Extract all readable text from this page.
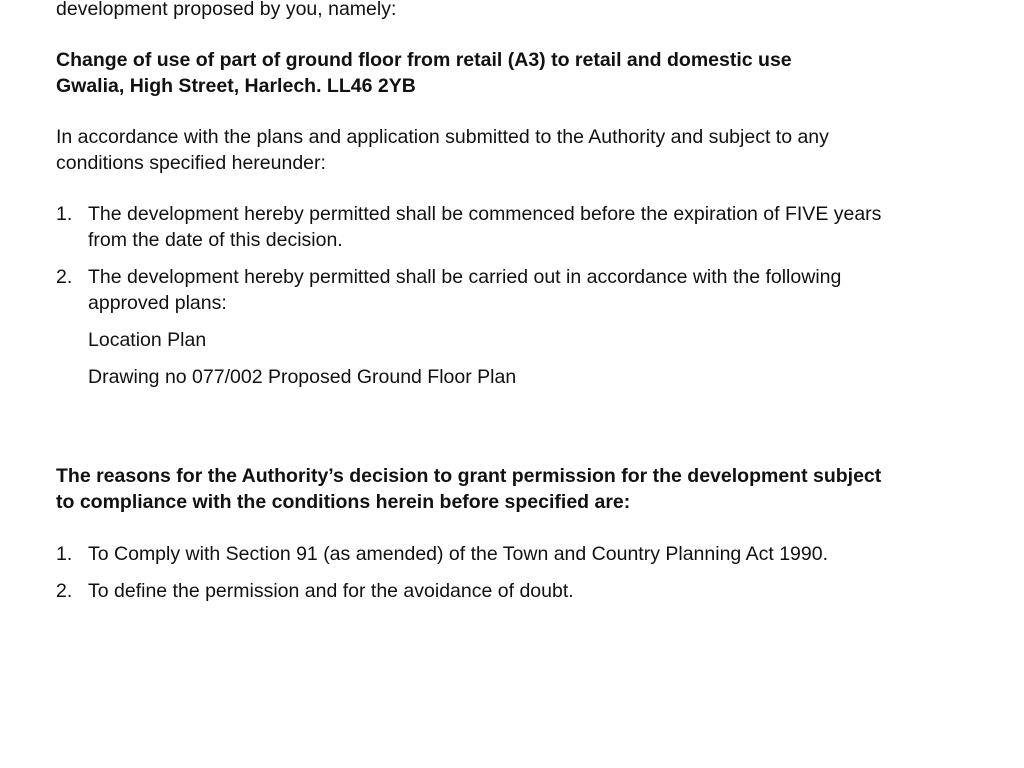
development proposed by you, namely:
Change of use of part of ground floor from retail (A3) to retail and domestic use
Gwalia, High Street, Harlech. LL46 2YB
In accordance with the plans and application submitted to the Authority and subject to any
conditions specified hereunder:
1. The development hereby permitted shall be commenced before the expiration of FIVE years
from the date of this decision.
2. The development hereby permitted shall be carried out in accordance with the following
approved plans:
Location Plan
Drawing no 077/002 Proposed Ground Floor Plan
The reasons for the Authority’s decision to grant permission for the development subject
to compliance with the conditions herein before specified are:
1. To Comply with Section 91 (as amended) of the Town and Country Planning Act 1990.
2. To define the permission and for the avoidance of doubt.
